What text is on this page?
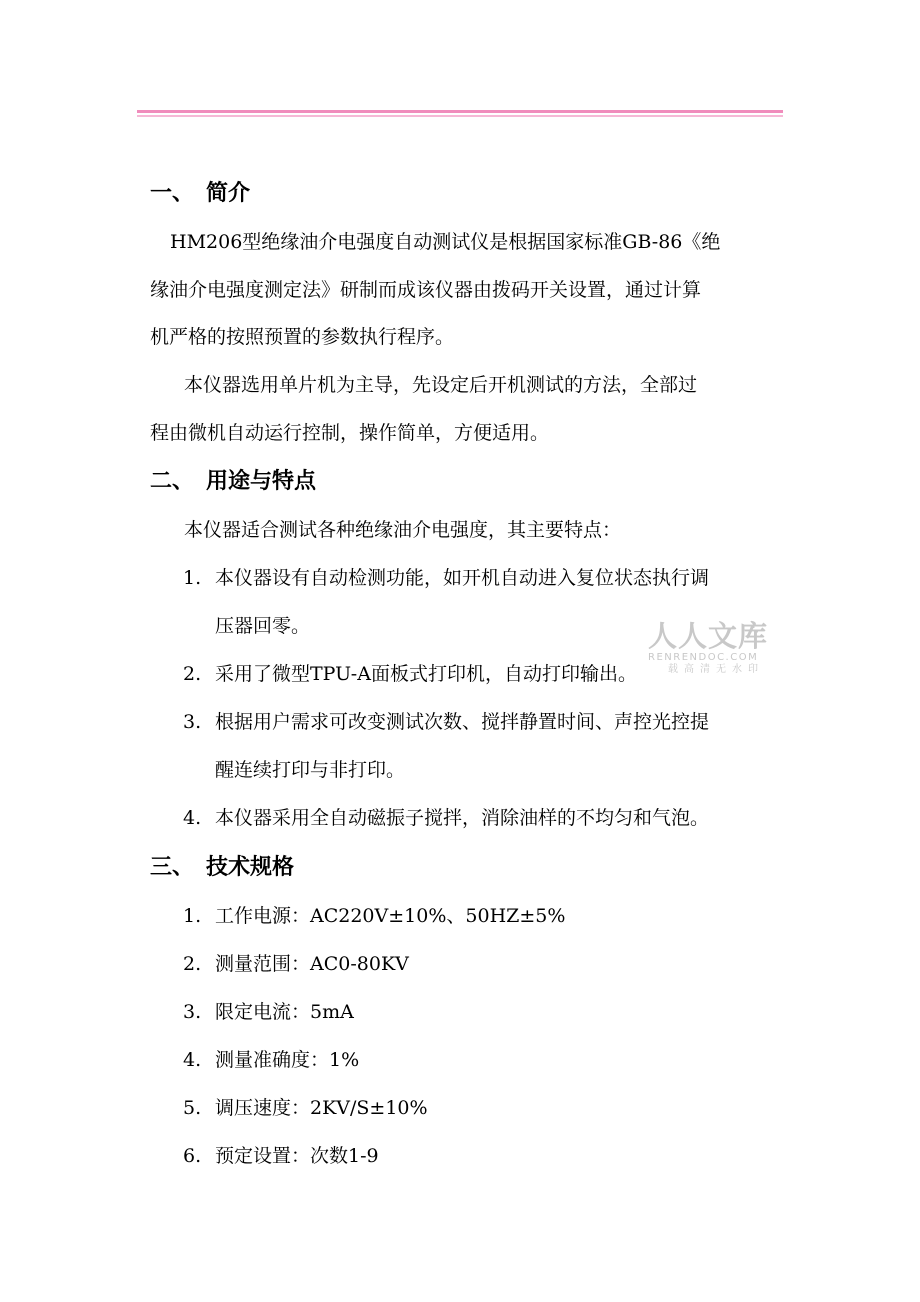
一、 简介
HM206型绝缘油介电强度自动测试仪是根据国家标准GB-86《绝
缘油介电强度测定法》研制而成该仪器由拨码开关设置，通过计算
机严格的按照预置的参数执行程序。
本仪器选用单片机为主导，先设定后开机测试的方法，全部过
程由微机自动运行控制，操作简单，方便适用。
二、 用途与特点
本仪器适合测试各种绝缘油介电强度，其主要特点：
1. 本仪器设有自动检测功能，如开机自动进入复位状态执行调
压器回零。
2. 采用了微型TPU-A面板式打印机，自动打印输出。
3. 根据用户需求可改变测试次数、搅拌静置时间、声控光控提
醒连续打印与非打印。
4. 本仪器采用全自动磁振子搅拌，消除油样的不均匀和气泡。
三、 技术规格
1. 工作电源：AC220V±10%、50HZ±5%
2. 测量范围：AC0-80KV
3. 限定电流：5mA
4. 测量准确度：1%
5. 调压速度：2KV/S±10%
6. 预定设置：次数1-9
人人文库
RENRENDOC.COM
载高清无水印
